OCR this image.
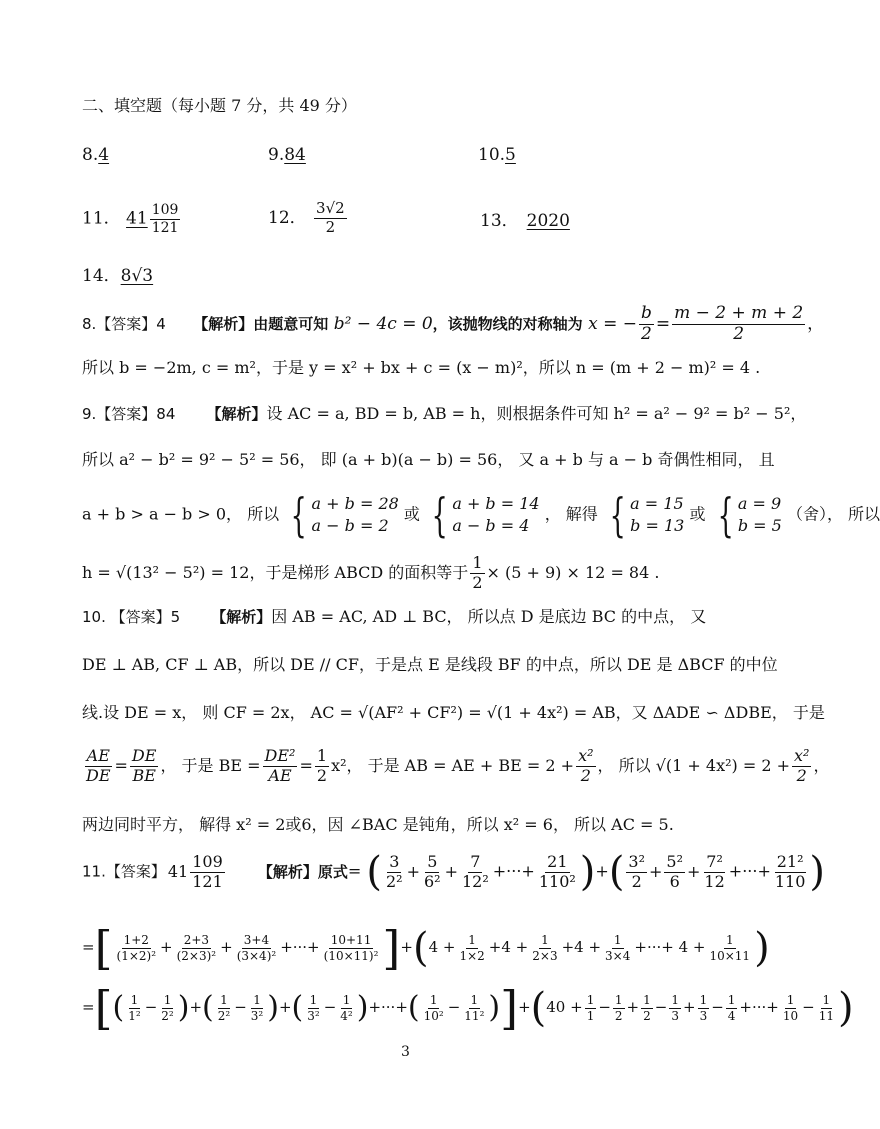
二、填空题（每小题 7 分，共 49 分）
8.4	9.84	10.5
11． $41 \frac{109}{121}$	12． $\frac{3√2}{2}$	13． 2020
14．8√3
8.【答案】4 【解析】由题意可知 b² − 4c = 0，该抛物线的对称轴为 x = − $\frac{b}{2} = \frac{m - 2 + m + 2}{2}$ ，
所以 b = −2m, c = m²，于是 y = x² + bx + c = (x − m)²，所以 n = (m + 2 − m)² = 4 .
9.【答案】84 【解析】设 AC = a, BD = b, AB = h，则根据条件可知 h² = a² − 9² = b² − 5²，
所以 a² − b² = 9² − 5² = 56， 即 (a + b)(a − b) = 56， 又 a + b 与 a − b 奇偶性相同， 且
a + b > a − b > 0， 所以 { a + b = 28
a − b = 2
或 { a + b = 14
a − b = 4
， 解得 { a = 15
b = 13
或 { a = 9
b = 5
（舍）， 所以
h = √(13² − 5²) = 12，于是梯形 ABCD 的面积等于 $\frac{1}{2} \times (5 + 9) \times 12 = 84$ .
10. 【答案】5 【解析】因 AB = AC, AD ⊥ BC， 所以点 D 是底边 BC 的中点， 又
DE ⊥ AB, CF ⊥ AB，所以 DE // CF，于是点 E 是线段 BF 的中点，所以 DE 是 ΔBCF 的中位
线.设 DE = x， 则 CF = 2x， AC = √(AF² + CF²) = √(1 + 4x²) = AB，又 ΔADE ∽ ΔDBE， 于是
$\frac{AE}{DE} = \frac{DE}{BE}$ ， 于是 BE = $\frac{\text{DE²}}{AE} = \frac{1}{2} x^2$， 于是 AB = AE + BE = $2 + \frac{\text{x²}}{2}$ ， 所以 $√(1 + 4x^2) = 2 + \frac{\text{x²}}{2}$ ，
两边同时平方， 解得 x² = 2或6，因 ∠BAC 是钝角，所以 x² = 6， 所以 AC = 5.
11.【答案】 $41 \frac{109}{121}$ 【解析】原式= ( $\frac{3}{\text{2²}} + \frac{5}{\text{6²}} + \frac{7}{\text{12²}}$ +···+ $\frac{21}{\text{110²}}$ )+( $\frac{\text{3²}}{2} + \frac{\text{5²}}{6} + \frac{\text{7²}}{12}$ +···+ $\frac{\text{21²}}{110}$ )
=[ $\frac{1+2}{\text{(1×2)²}} + \frac{2+3}{\text{(2×3)²}} + \frac{3+4}{\text{(3×4)²}}$ +···+ $\frac{10+11}{\text{(10×11)²}} ]+(4 + \frac{1}{1\times 2} +4 + \frac{1}{2\times 3} +4 + \frac{1}{3\times 4}$ +···+ $4 + \frac{1}{10\times 11}$ )
=[( $\frac{1}{\text{1²}} - \frac{1}{\text{2²}}$ )+( $\frac{1}{\text{2²}} - \frac{1}{\text{3²}}$ )+( $\frac{1}{\text{3²}} - \frac{1}{\text{4²}}$ )+···+( $\frac{1}{\text{10²}} - \frac{1}{\text{11²}} )]+(40 + \frac{1}{1} - \frac{1}{2} + \frac{1}{2} - \frac{1}{3} + \frac{1}{3} - \frac{1}{4}$ +···+ $\frac{1}{10} - \frac{1}{11}$ )
3
